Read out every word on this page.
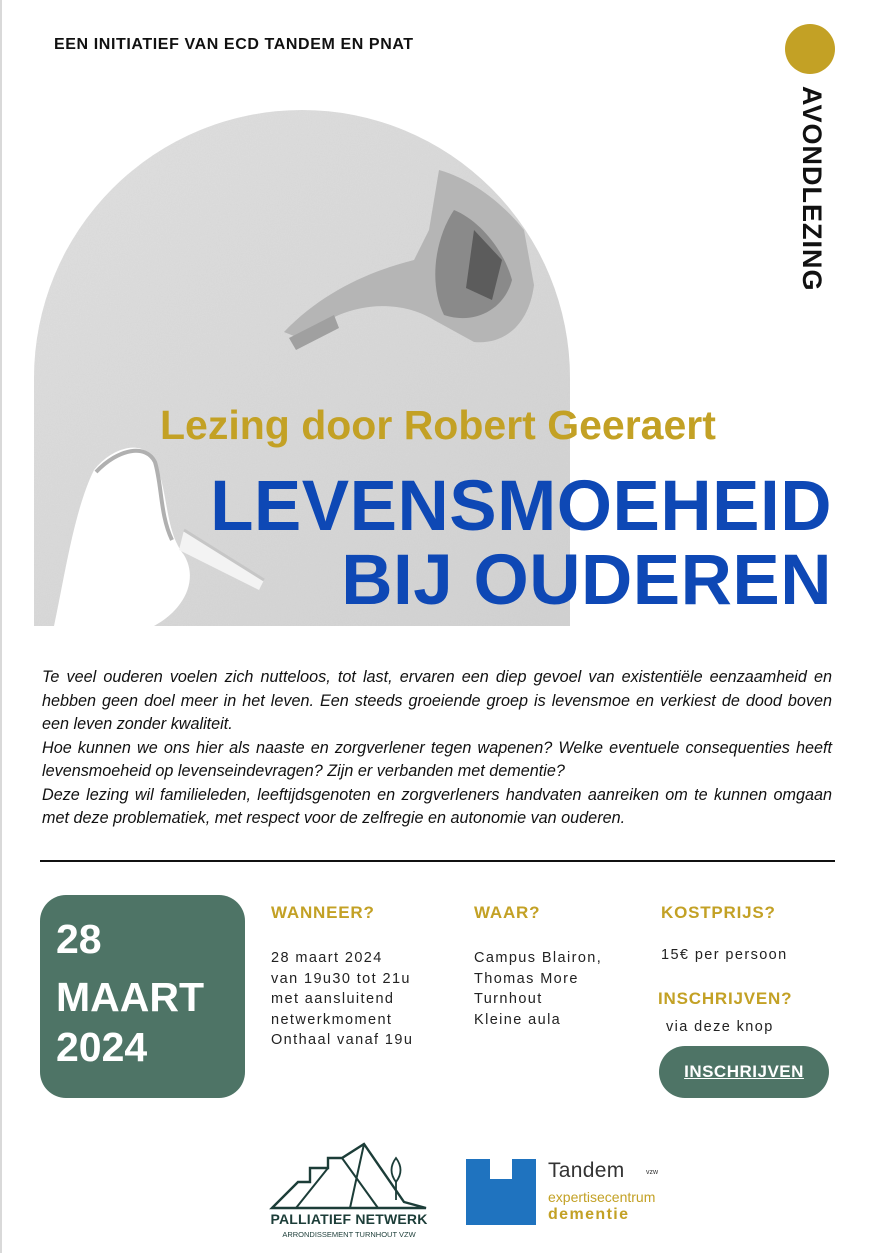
EEN INITIATIEF VAN ECD TANDEM EN PNAT
AVONDLEZING
Lezing door Robert Geeraert
LEVENSMOEHEID
BIJ OUDEREN

Te veel ouderen voelen zich nutteloos, tot last, ervaren een diep gevoel van existentiële eenzaamheid en hebben geen doel meer in het leven. Een steeds groeiende groep is levensmoe en verkiest de dood boven een leven zonder kwaliteit.

Hoe kunnen we ons hier als naaste en zorgverlener tegen wapenen? Welke eventuele consequenties heeft levensmoeheid op levenseindevragen? Zijn er verbanden met dementie?

Deze lezing wil familieleden, leeftijdsgenoten en zorgverleners handvaten aanreiken om te kunnen omgaan met deze problematiek, met respect voor de zelfregie en autonomie van ouderen.

28
MAART
2024
WANNEER?
28 maart 2024
van 19u30 tot 21u
met aansluitend
netwerkmoment
Onthaal vanaf 19u
WAAR?
Campus Blairon,
Thomas More
Turnhout
Kleine aula
KOSTPRIJS?
15€ per persoon
INSCHRIJVEN?
via deze knop
INSCHRIJVEN
PALLIATIEF NETWERK
ARRONDISSEMENT TURNHOUT VZW
Tandem	vzw
expertisecentrum
dementie
